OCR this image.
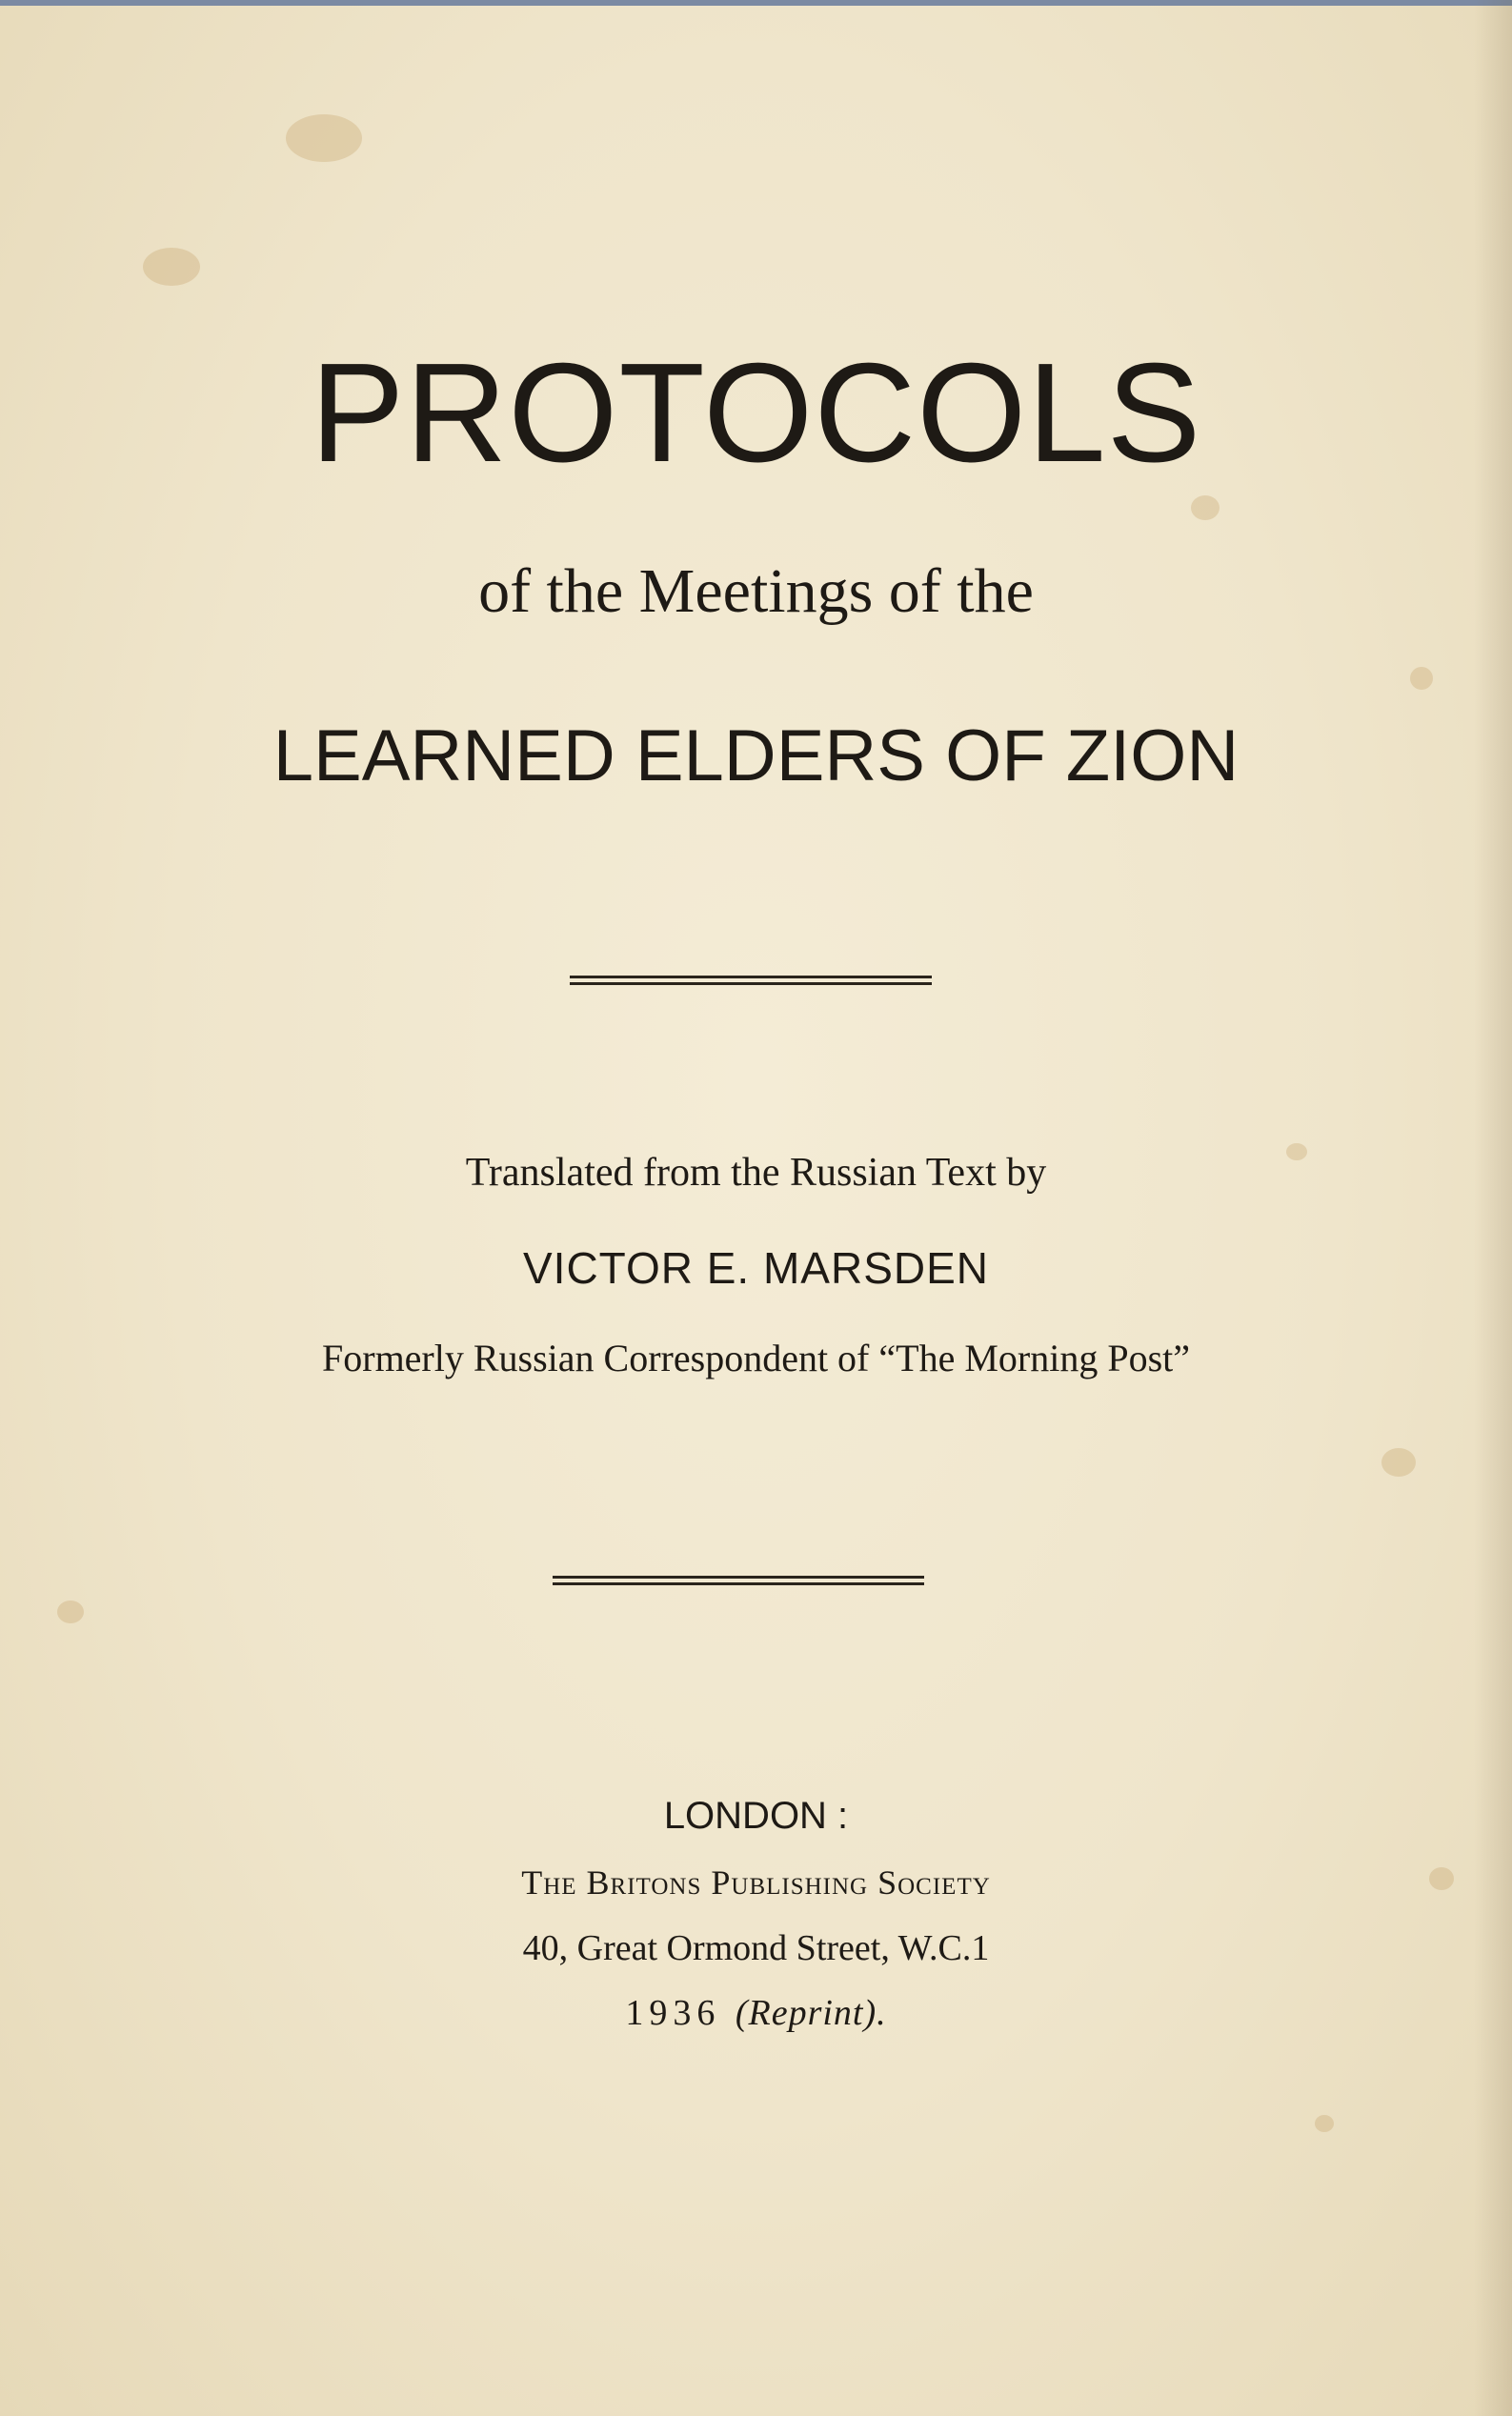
PROTOCOLS
of the Meetings of the
LEARNED ELDERS OF ZION
Translated from the Russian Text by
VICTOR E. MARSDEN
Formerly Russian Correspondent of “The Morning Post”
LONDON :
The Britons Publishing Society
40, Great Ormond Street, W.C.1
1936 (Reprint).
